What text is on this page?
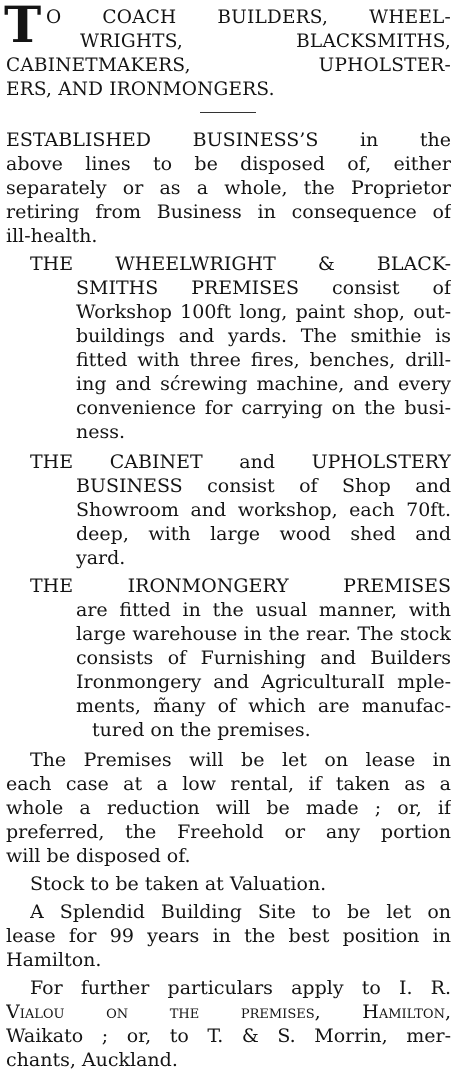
T O COACH BUILDERS, WHEEL-
WRIGHTS, BLACKSMITHS,
CABINETMAKERS, UPHOLSTER-
ERS, AND IRONMONGERS.
ESTABLISHED BUSINESS’S in the
above lines to be disposed of, either
separately or as a whole, the Proprietor
retiring from Business in consequence of
ill-health.
THE WHEELWRIGHT & BLACK-
SMITHS PREMISES consist of
Workshop 100ft long, paint shop, out-
buildings and yards. The smithie is
fitted with three fires, benches, drill-
ing and sćrewing machine, and every
convenience for carrying on the busi-
ness.
THE CABINET and UPHOLSTERY
BUSINESS consist of Shop and
Showroom and workshop, each 70ft.
deep, with large wood shed and
yard.
THE IRONMONGERY PREMISES
are fitted in the usual manner, with
large warehouse in the rear. The stock
consists of Furnishing and Builders
Ironmongery and AgriculturalI mple-
ments, m̃any of which are manufac-
tured on the premises.
The Premises will be let on lease in
each case at a low rental, if taken as a
whole a reduction will be made ; or, if
preferred, the Freehold or any portion
will be disposed of.
Stock to be taken at Valuation.
A Splendid Building Site to be let on
lease for 99 years in the best position in
Hamilton.
For further particulars apply to I. R.
Vialou on the premises, Hamilton,
Waikato ; or, to T. & S. Morrin, mer-
chants, Auckland.
